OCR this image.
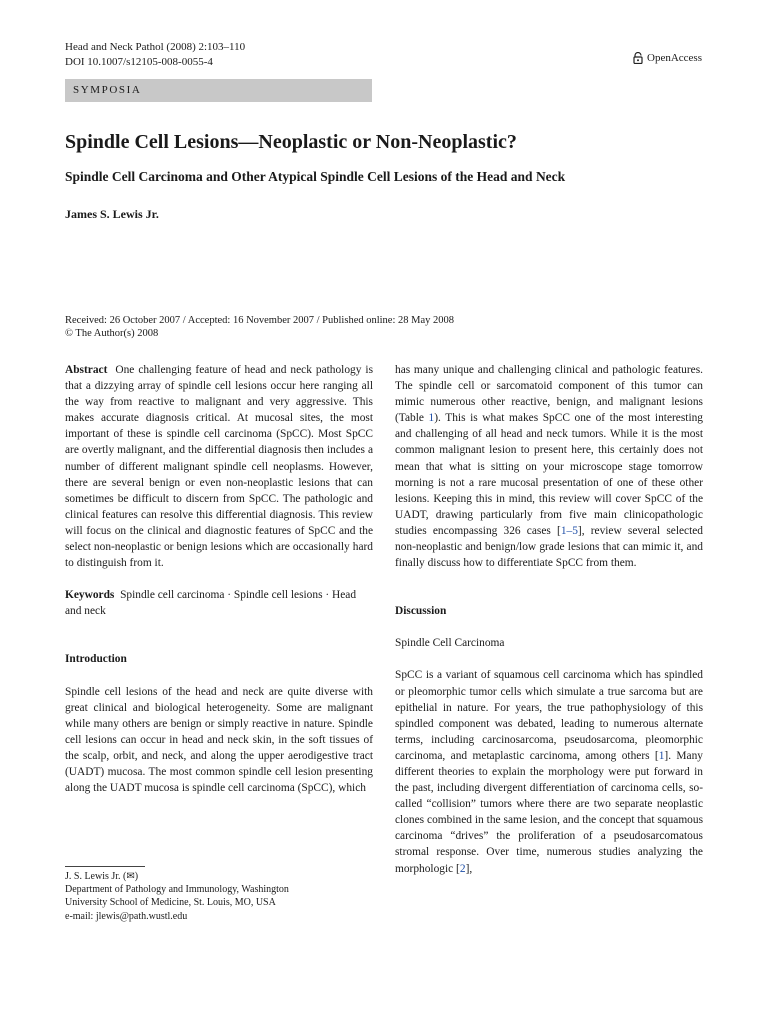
Head and Neck Pathol (2008) 2:103–110
DOI 10.1007/s12105-008-0055-4	OpenAccess
SYMPOSIA
Spindle Cell Lesions—Neoplastic or Non-Neoplastic?
Spindle Cell Carcinoma and Other Atypical Spindle Cell Lesions of the Head and Neck
James S. Lewis Jr.
Received: 26 October 2007 / Accepted: 16 November 2007 / Published online: 28 May 2008
© The Author(s) 2008

Abstract One challenging feature of head and neck pathology is that a dizzying array of spindle cell lesions occur here ranging all the way from reactive to malignant and very aggressive. This makes accurate diagnosis critical. At mucosal sites, the most important of these is spindle cell carcinoma (SpCC). Most SpCC are overtly malignant, and the differential diagnosis then includes a number of different malignant spindle cell neoplasms. However, there are several benign or even non-neoplastic lesions that can sometimes be difficult to discern from SpCC. The pathologic and clinical features can resolve this differential diagnosis. This review will focus on the clinical and diagnostic features of SpCC and the select non-neoplastic or benign lesions which are occasionally hard to distinguish from it.

Keywords Spindle cell carcinoma · Spindle cell lesions · Head and neck

Introduction

Spindle cell lesions of the head and neck are quite diverse with great clinical and biological heterogeneity. Some are malignant while many others are benign or simply reactive in nature. Spindle cell lesions can occur in head and neck skin, in the soft tissues of the scalp, orbit, and neck, and along the upper aerodigestive tract (UADT) mucosa. The most common spindle cell lesion presenting along the UADT mucosa is spindle cell carcinoma (SpCC), which

has many unique and challenging clinical and pathologic features. The spindle cell or sarcomatoid component of this tumor can mimic numerous other reactive, benign, and malignant lesions (Table 1). This is what makes SpCC one of the most interesting and challenging of all head and neck tumors. While it is the most common malignant lesion to present here, this certainly does not mean that what is sitting on your microscope stage tomorrow morning is not a rare mucosal presentation of one of these other lesions. Keeping this in mind, this review will cover SpCC of the UADT, drawing particularly from five main clinicopathologic studies encompassing 326 cases [1–5], review several selected non-neoplastic and benign/low grade lesions that can mimic it, and finally discuss how to differentiate SpCC from them.

Discussion

Spindle Cell Carcinoma

SpCC is a variant of squamous cell carcinoma which has spindled or pleomorphic tumor cells which simulate a true sarcoma but are epithelial in nature. For years, the true pathophysiology of this spindled component was debated, leading to numerous alternate terms, including carcinosarcoma, pseudosarcoma, pleomorphic carcinoma, and metaplastic carcinoma, among others [1]. Many different theories to explain the morphology were put forward in the past, including divergent differentiation of carcinoma cells, so-called “collision” tumors where there are two separate neoplastic clones combined in the same lesion, and the concept that squamous carcinoma “drives” the proliferation of a pseudosarcomatous stromal response. Over time, numerous studies analyzing the morphologic [2],

J. S. Lewis Jr. (✉)
Department of Pathology and Immunology, Washington
University School of Medicine, St. Louis, MO, USA
e-mail: jlewis@path.wustl.edu
